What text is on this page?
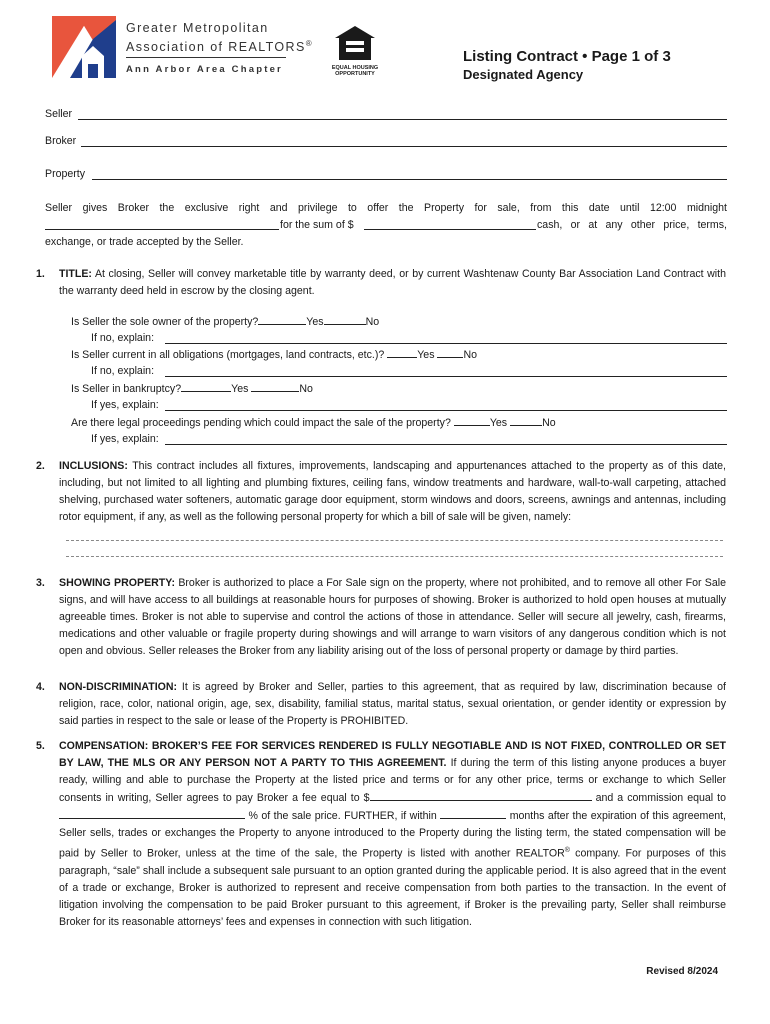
Greater Metropolitan
Association of REALTORS®
Ann Arbor Area Chapter	EQUAL HOUSING
OPPORTUNITY
Listing Contract • Page 1 of 3
Designated Agency
Seller
Broker
Property
Seller gives Broker the exclusive right and privilege to offer the Property for sale, from this date until 12:00 midnight
for the sum of $	cash, or at any other price, terms,
exchange, or trade accepted by the Seller.
1. TITLE: At closing, Seller will convey marketable title by warranty deed, or by current Washtenaw County Bar Association Land Contract with the warranty deed held in escrow by the closing agent.
Is Seller the sole owner of the property?	Yes	No
If no, explain:
Is Seller current in all obligations (mortgages, land contracts, etc.)?	Yes	No
If no, explain:
Is Seller in bankruptcy?	Yes	No
If yes, explain:
Are there legal proceedings pending which could impact the sale of the property?	Yes	No
If yes, explain:
2. INCLUSIONS: This contract includes all fixtures, improvements, landscaping and appurtenances attached to the property as of this date, including, but not limited to all lighting and plumbing fixtures, ceiling fans, window treatments and hardware, wall-to-wall carpeting, attached shelving, purchased water softeners, automatic garage door equipment, storm windows and doors, screens, awnings and antennas, including rotor equipment, if any, as well as the following personal property for which a bill of sale will be given, namely:
3. SHOWING PROPERTY: Broker is authorized to place a For Sale sign on the property, where not prohibited, and to remove all other For Sale signs, and will have access to all buildings at reasonable hours for purposes of showing. Broker is authorized to hold open houses at mutually agreeable times. Broker is not able to supervise and control the actions of those in attendance. Seller will secure all jewelry, cash, firearms, medications and other valuable or fragile property during showings and will arrange to warn visitors of any dangerous condition which is not open and obvious. Seller releases the Broker from any liability arising out of the loss of personal property or damage by third parties.
4. NON-DISCRIMINATION: It is agreed by Broker and Seller, parties to this agreement, that as required by law, discrimination because of religion, race, color, national origin, age, sex, disability, familial status, marital status, sexual orientation, or gender identity or expression by said parties in respect to the sale or lease of the Property is PROHIBITED.
5. COMPENSATION: BROKER’S FEE FOR SERVICES RENDERED IS FULLY NEGOTIABLE AND IS NOT FIXED, CONTROLLED OR SET BY LAW, THE MLS OR ANY PERSON NOT A PARTY TO THIS AGREEMENT. If during the term of this listing anyone produces a buyer ready, willing and able to purchase the Property at the listed price and terms or for any other price, terms or exchange to which Seller consents in writing, Seller agrees to pay Broker a fee equal to $	and a commission equal to  % of the sale price. FURTHER, if within	months after the expiration of this agreement, Seller sells, trades or exchanges the Property to anyone introduced to the Property during the listing term, the stated compensation will be paid by Seller to Broker, unless at the time of the sale, the Property is listed with another REALTOR® company. For purposes of this paragraph, “sale” shall include a subsequent sale pursuant to an option granted during the applicable period. It is also agreed that in the event of a trade or exchange, Broker is authorized to represent and receive compensation from both parties to the transaction. In the event of litigation involving the compensation to be paid Broker pursuant to this agreement, if Broker is the prevailing party, Seller shall reimburse Broker for its reasonable attorneys’ fees and expenses in connection with such litigation.
Revised 8/2024
